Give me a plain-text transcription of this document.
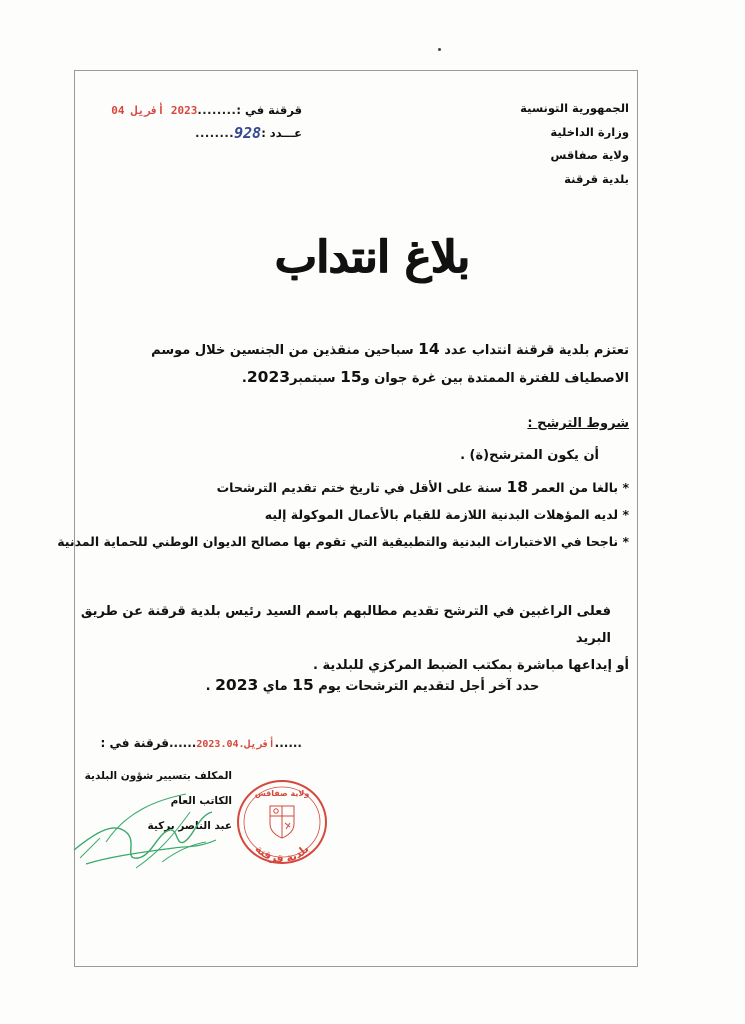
الجمهورية التونسية
وزارة الداخلية
ولاية صفاقس
بلدية قرقنة
قرقنة في :
........
2023 أفريل 04
عـــدد :
928
........
بلاغ انتداب
تعتزم بلدية قرقنة انتداب عدد 14 سباحين منقذين من الجنسين خلال موسم
الاصطياف للفترة الممتدة بين غرة جوان و15 سبتمبر2023.
شروط الترشح :
أن يكون المترشح(ة) .
* بالغا من العمر 18 سنة على الأقل في تاريخ ختم تقديم الترشحات
* لديه المؤهلات البدنية اللازمة للقيام بالأعمال الموكولة إليه
* ناجحا في الاختبارات البدنية والتطبيقية التي تقوم بها مصالح الديوان الوطني للحماية المدنية
فعلى الراغبين في الترشح تقديم مطالبهم باسم السيد رئيس بلدية قرقنة عن طريق البريد
أو إيداعها مباشرة بمكتب الضبط المركزي للبلدية .
حدد آخر أجل لتقديم الترشحات يوم 15 ماي 2023 .
قرقنة في :......2023.أفريل.04......
المكلف بتسيير شؤون البلدية
الكاتب العام
عبد الناصر بركية
ولاية صفاقس
بلدية قرقنة
